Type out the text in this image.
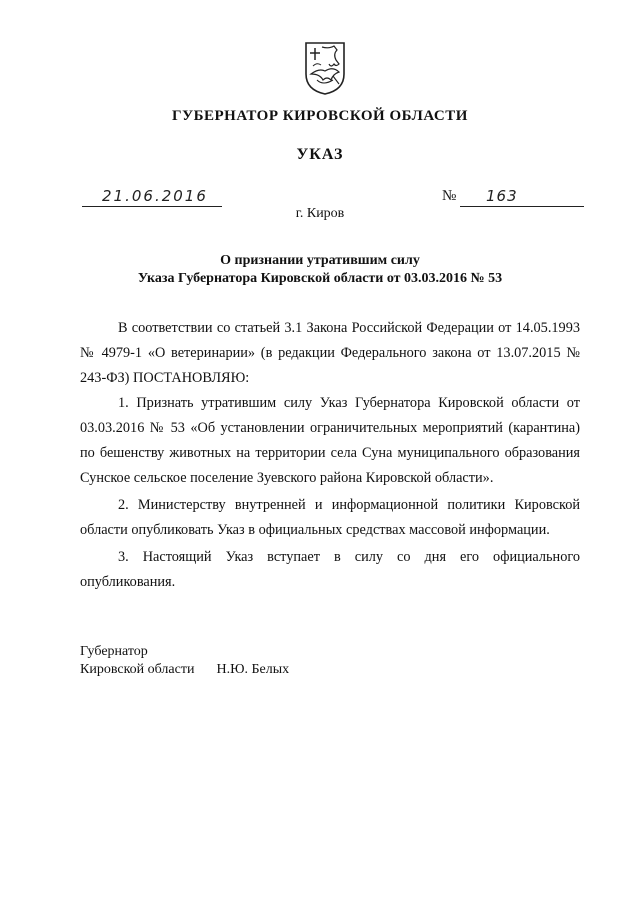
ГУБЕРНАТОР КИРОВСКОЙ ОБЛАСТИ
УКАЗ
21.06.2016	№ 163
г. Киров
О признании утратившим силу
Указа Губернатора Кировской области от 03.03.2016 № 53

В соответствии со статьей 3.1 Закона Российской Федерации от 14.05.1993 № 4979-1 «О ветеринарии» (в редакции Федерального закона от 13.07.2015 № 243-ФЗ) ПОСТАНОВЛЯЮ:

1. Признать утратившим силу Указ Губернатора Кировской области от 03.03.2016 № 53 «Об установлении ограничительных мероприятий (карантина) по бешенству животных на территории села Суна муниципального образования Сунское сельское поселение Зуевского района Кировской области».

2. Министерству внутренней и информационной политики Кировской области опубликовать Указ в официальных средствах массовой информации.

3. Настоящий Указ вступает в силу со дня его официального опубликования.

Губернатор
Кировской области Н.Ю. Белых
